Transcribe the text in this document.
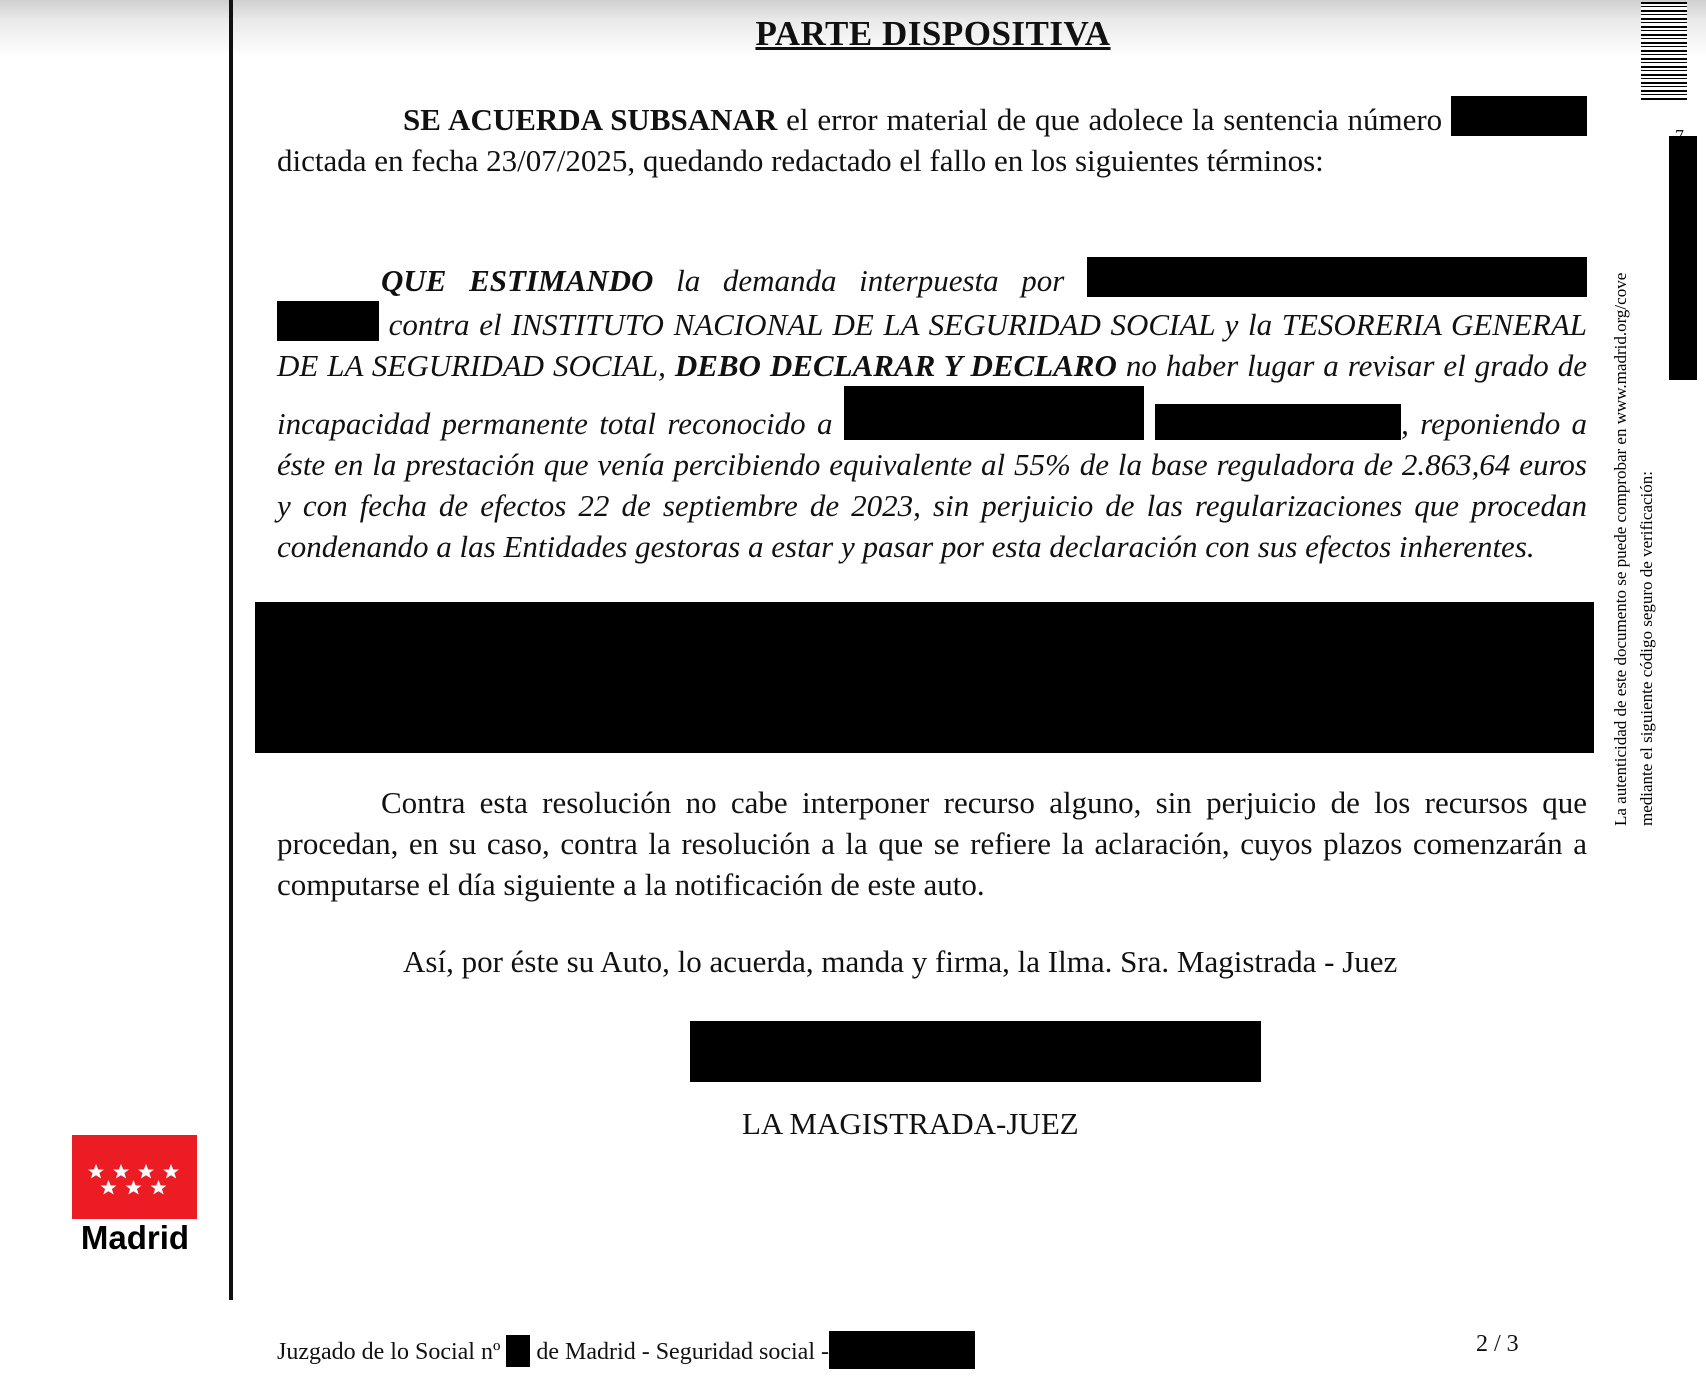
PARTE DISPOSITIVA
SE ACUERDA SUBSANAR el error material de que adolece la sentencia número  dictada en fecha 23/07/2025, quedando redactado el fallo en los siguientes términos:
QUE ESTIMANDO la demanda interpuesta por   contra el INSTITUTO NACIONAL DE LA SEGURIDAD SOCIAL y la TESORERIA GENERAL DE LA SEGURIDAD SOCIAL, DEBO DECLARAR Y DECLARO no haber lugar a revisar el grado de incapacidad permanente total reconocido a	, reponiendo a éste en la prestación que venía percibiendo equivalente al 55% de la base reguladora de 2.863,64 euros y con fecha de efectos 22 de septiembre de 2023, sin perjuicio de las regularizaciones que procedan condenando a las Entidades gestoras a estar y pasar por esta declaración con sus efectos inherentes.
Contra esta resolución no cabe interponer recurso alguno, sin perjuicio de los recursos que procedan, en su caso, contra la resolución a la que se refiere la aclaración, cuyos plazos comenzarán a computarse el día siguiente a la notificación de este auto.
Así, por éste su Auto, lo acuerda, manda y firma, la Ilma. Sra. Magistrada - Juez
LA MAGISTRADA-JUEZ
Juzgado de lo Social nº de Madrid - Seguridad social -	2 / 3
Madrid
La autenticidad de este documento se puede comprobar en www.madrid.org/cove mediante el siguiente código seguro de verificación:
